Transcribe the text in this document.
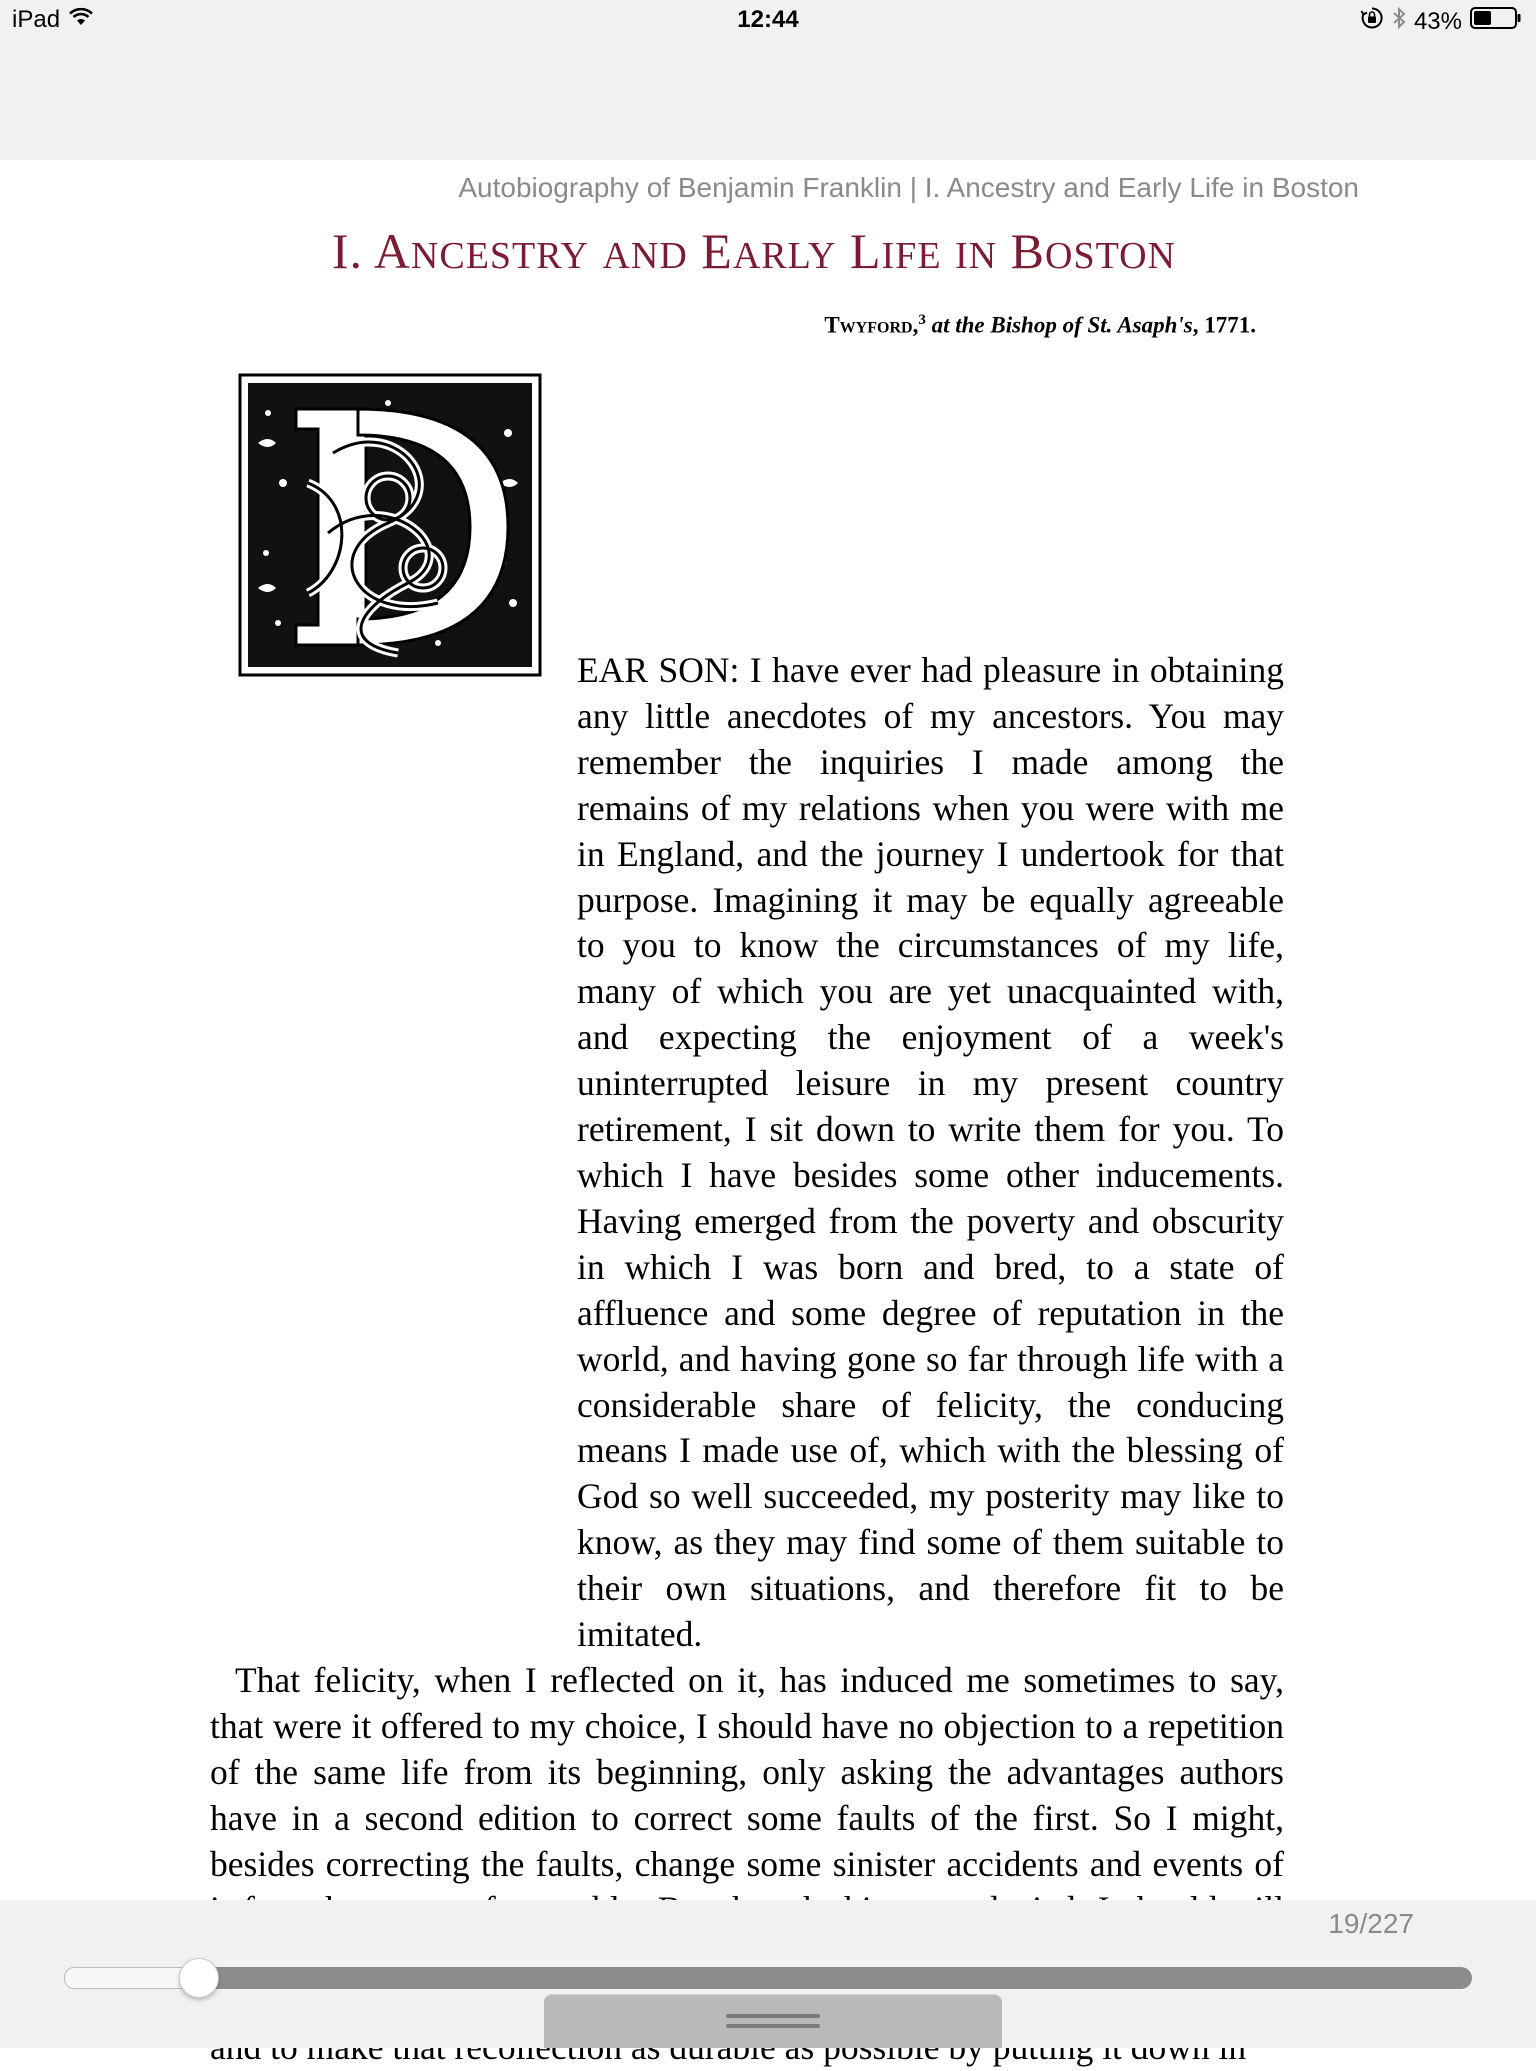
iPad	12:44	43%
Autobiography of Benjamin Franklin | I. Ancestry and Early Life in Boston
I. ANCESTRY AND EARLY LIFE IN BOSTON
Twyford,$^3$ at the Bishop of St. Asaph's, 1771.

EAR SON: I have ever had pleasure in obtaining any little anecdotes of my ancestors. You may remember the inquiries I made among the remains of my relations when you were with me in England, and the journey I undertook for that purpose. Imagining it may be equally agreeable to you to know the circumstances of my life, many of which you are yet unacquainted with, and expecting the enjoyment of a week's uninterrupted leisure in my present country retirement, I sit down to write them for you. To which I have besides some other inducements. Having emerged from the poverty and obscurity in which I was born and bred, to a state of affluence and some degree of reputation in the world, and having gone so far through life with a considerable share of felicity, the conducing means I made use of, which with the blessing of God so well succeeded, my posterity may like to know, as they may find some of them suitable to their own situations, and therefore fit to be imitated.

That felicity, when I reflected on it, has induced me sometimes to say, that were it offered to my choice, I should have no objection to a repetition of the same life from its beginning, only asking the advantages authors have in a second edition to correct some faults of the first. So I might, besides correcting the faults, change some sinister accidents and events of

19/227
